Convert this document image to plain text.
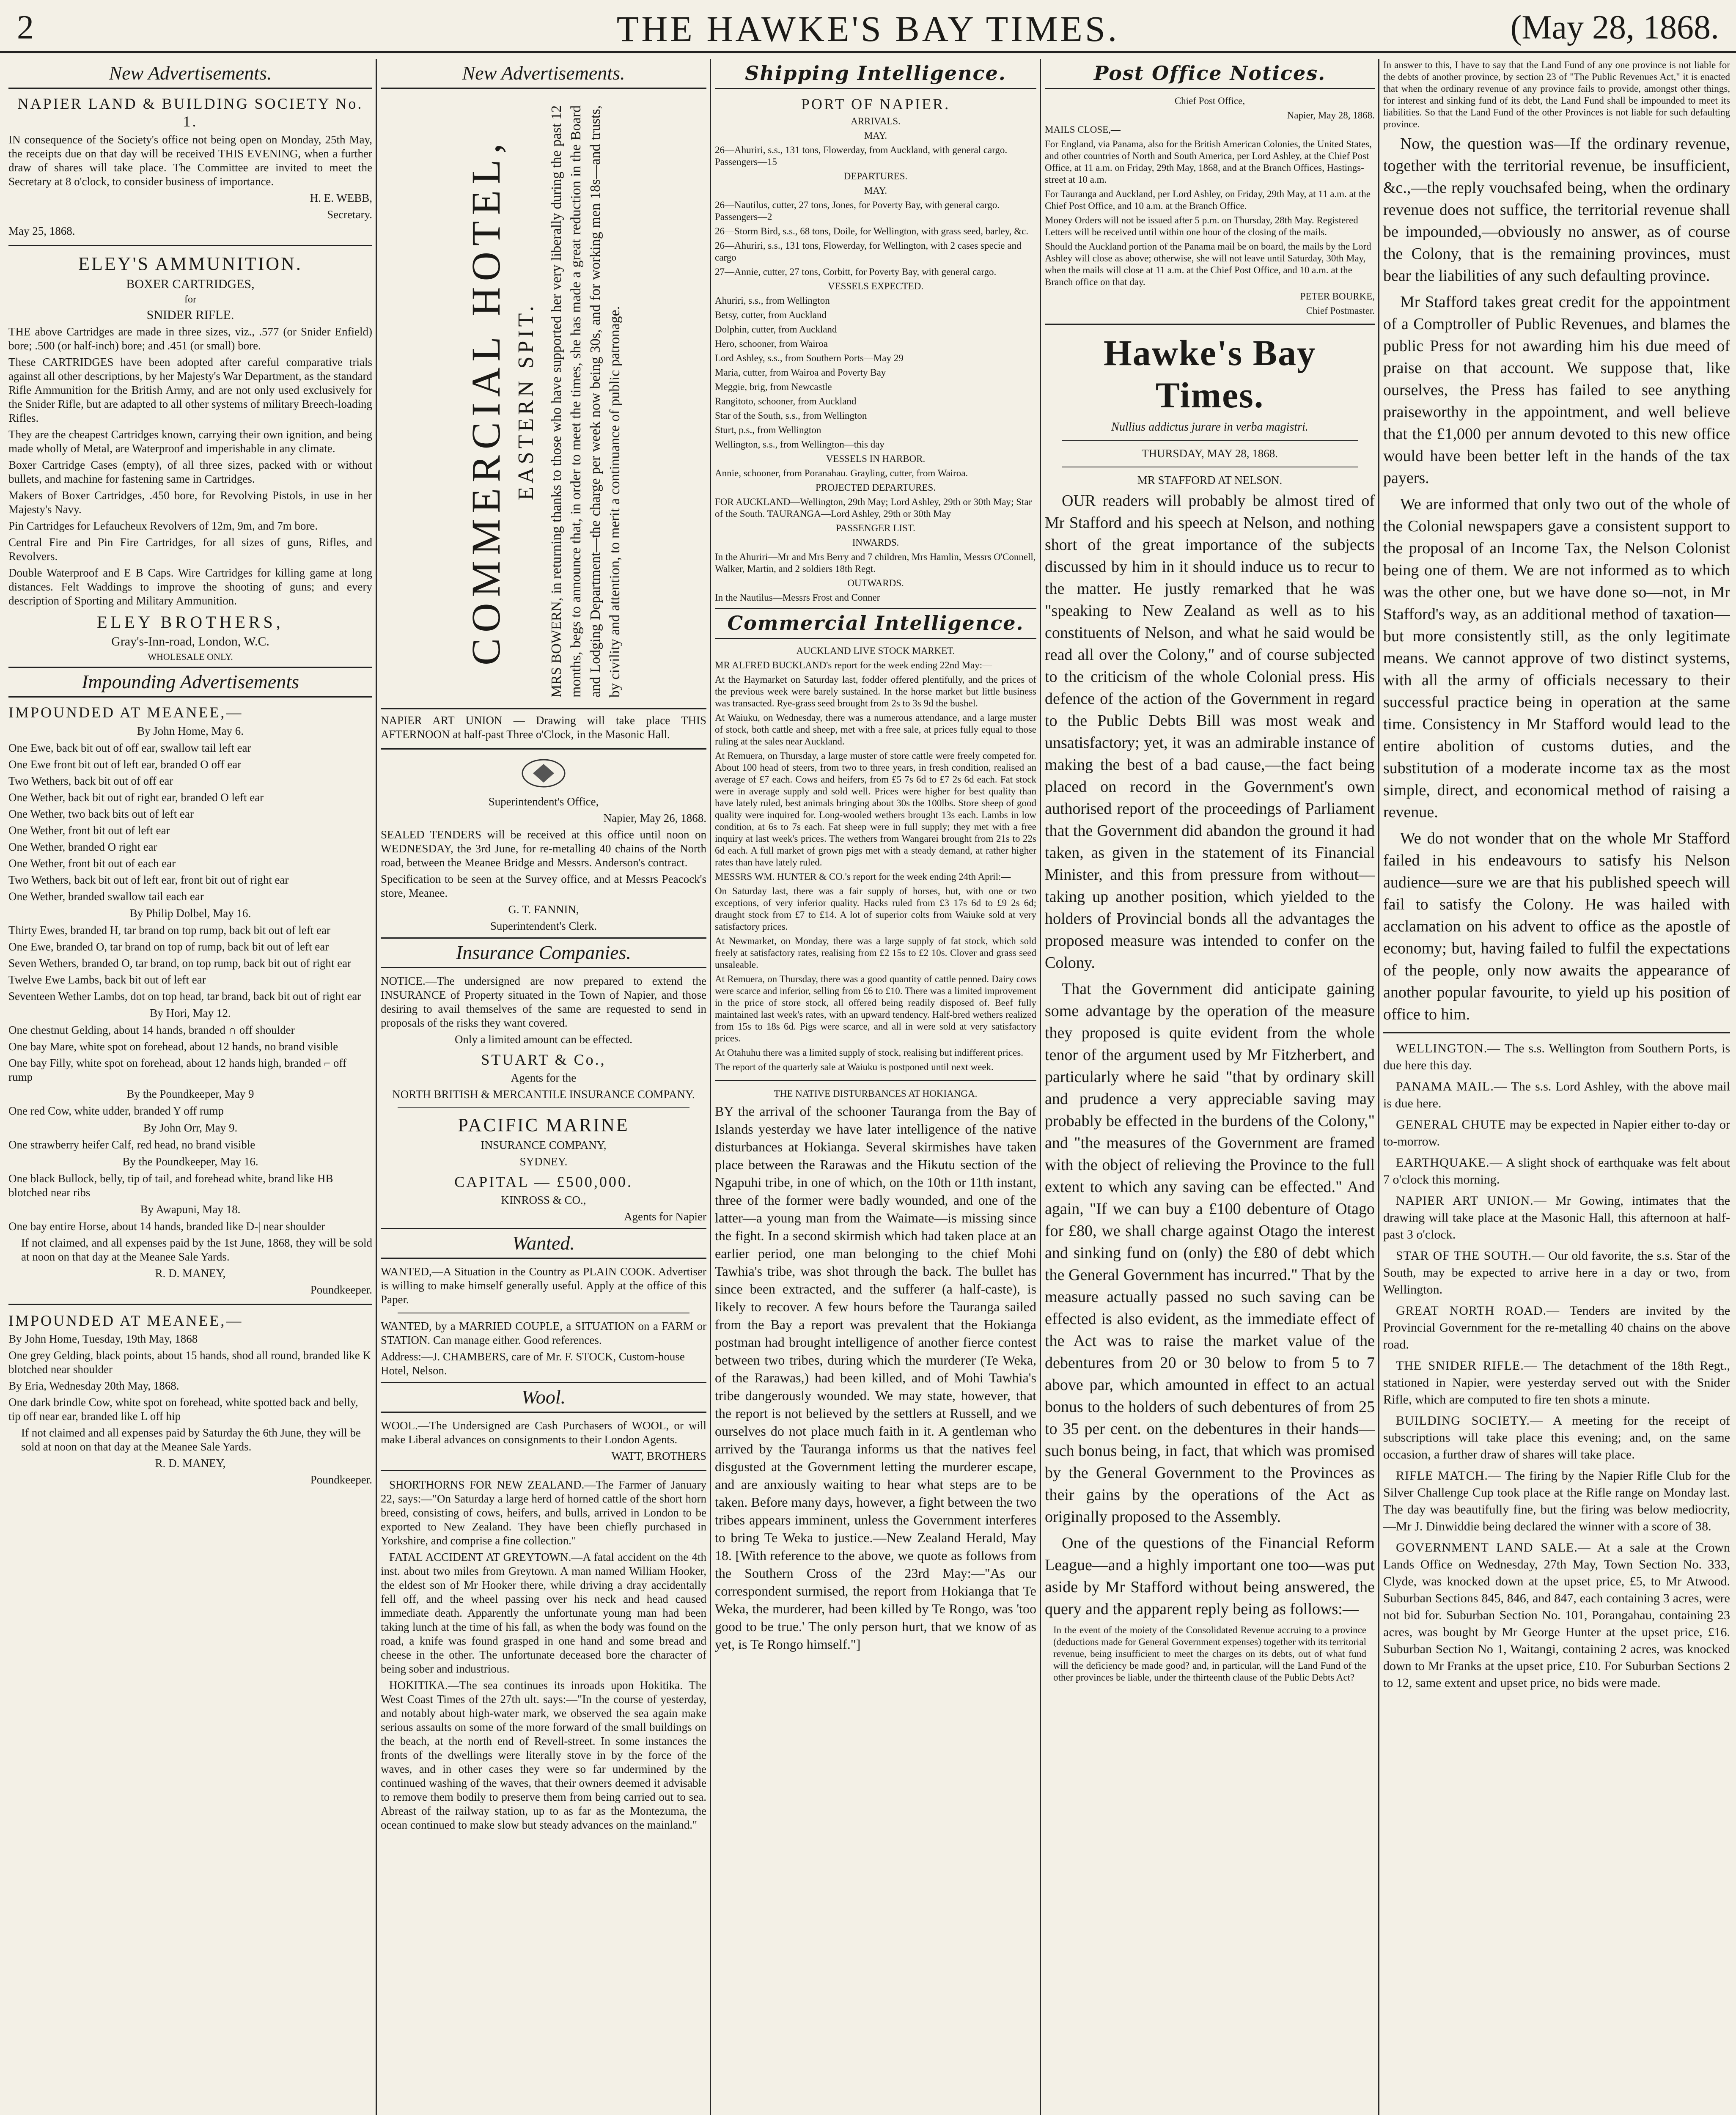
2	THE HAWKE'S BAY TIMES.	(May 28, 1868.
New Advertisements.
NAPIER LAND & BUILDING SOCIETY No. 1.

IN consequence of the Society's office not being open on Monday, 25th May, the receipts due on that day will be received THIS EVENING, when a further draw of shares will take place. The Committee are invited to meet the Secretary at 8 o'clock, to consider business of importance.

H. E. WEBB,

Secretary.

May 25, 1868.

ELEY'S AMMUNITION.
BOXER CARTRIDGES,
for
SNIDER RIFLE.

THE above Cartridges are made in three sizes, viz., .577 (or Snider Enfield) bore; .500 (or half-inch) bore; and .451 (or small) bore.

These CARTRIDGES have been adopted after careful comparative trials against all other descriptions, by her Majesty's War Department, as the standard Rifle Ammunition for the British Army, and are not only used exclusively for the Snider Rifle, but are adapted to all other systems of military Breech-loading Rifles.

They are the cheapest Cartridges known, carrying their own ignition, and being made wholly of Metal, are Waterproof and imperishable in any climate.

Boxer Cartridge Cases (empty), of all three sizes, packed with or without bullets, and machine for fastening same in Cartridges.

Makers of Boxer Cartridges, .450 bore, for Revolving Pistols, in use in her Majesty's Navy.

Pin Cartridges for Lefaucheux Revolvers of 12m, 9m, and 7m bore.

Central Fire and Pin Fire Cartridges, for all sizes of guns, Rifles, and Revolvers.

Double Waterproof and E B Caps. Wire Cartridges for killing game at long distances. Felt Waddings to improve the shooting of guns; and every description of Sporting and Military Ammunition.

ELEY BROTHERS,
Gray's-Inn-road, London, W.C.
WHOLESALE ONLY.
Impounding Advertisements
IMPOUNDED AT MEANEE,—
By John Home, May 6.

One Ewe, back bit out of off ear, swallow tail left ear

One Ewe front bit out of left ear, branded O off ear

Two Wethers, back bit out of off ear

One Wether, back bit out of right ear, branded O left ear

One Wether, two back bits out of left ear

One Wether, front bit out of left ear

One Wether, branded O right ear

One Wether, front bit out of each ear

Two Wethers, back bit out of left ear, front bit out of right ear

One Wether, branded swallow tail each ear

By Philip Dolbel, May 16.

Thirty Ewes, branded H, tar brand on top rump, back bit out of left ear

One Ewe, branded O, tar brand on top of rump, back bit out of left ear

Seven Wethers, branded O, tar brand, on top rump, back bit out of right ear

Twelve Ewe Lambs, back bit out of left ear

Seventeen Wether Lambs, dot on top head, tar brand, back bit out of right ear

By Hori, May 12.

One chestnut Gelding, about 14 hands, branded ∩ off shoulder

One bay Mare, white spot on forehead, about 12 hands, no brand visible

One bay Filly, white spot on forehead, about 12 hands high, branded ⌐ off rump

By the Poundkeeper, May 9

One red Cow, white udder, branded Y off rump

By John Orr, May 9.

One strawberry heifer Calf, red head, no brand visible

By the Poundkeeper, May 16.

One black Bullock, belly, tip of tail, and forehead white, brand like HB blotched near ribs

By Awapuni, May 18.

One bay entire Horse, about 14 hands, branded like D-| near shoulder

If not claimed, and all expenses paid by the 1st June, 1868, they will be sold at noon on that day at the Meanee Sale Yards.

R. D. MANEY,

Poundkeeper.

IMPOUNDED AT MEANEE,—

By John Home, Tuesday, 19th May, 1868

One grey Gelding, black points, about 15 hands, shod all round, branded like K blotched near shoulder

By Eria, Wednesday 20th May, 1868.

One dark brindle Cow, white spot on forehead, white spotted back and belly, tip off near ear, branded like L off hip

If not claimed and all expenses paid by Saturday the 6th June, they will be sold at noon on that day at the Meanee Sale Yards.

R. D. MANEY,

Poundkeeper.

New Advertisements.
COMMERCIAL HOTEL, EASTERN SPIT. MRS BOWERN, in returning thanks to those who have supported her very liberally during the past 12 months, begs to announce that, in order to meet the times, she has made a great reduction in the Board and Lodging Department—the charge per week now being 30s, and for working men 18s—and trusts, by civility and attention, to merit a continuance of public patronage.

NAPIER ART UNION — Drawing will take place THIS AFTERNOON at half-past Three o'Clock, in the Masonic Hall.

Superintendent's Office,

Napier, May 26, 1868.

SEALED TENDERS will be received at this office until noon on WEDNESDAY, the 3rd June, for re-metalling 40 chains of the North road, between the Meanee Bridge and Messrs. Anderson's contract.

Specification to be seen at the Survey office, and at Messrs Peacock's store, Meanee.

G. T. FANNIN,

Superintendent's Clerk.

Insurance Companies.

NOTICE.—The undersigned are now prepared to extend the INSURANCE of Property situated in the Town of Napier, and those desiring to avail themselves of the same are requested to send in proposals of the risks they want covered.

Only a limited amount can be effected.

STUART & Co.,

Agents for the

NORTH BRITISH & MERCANTILE INSURANCE COMPANY.

PACIFIC MARINE

INSURANCE COMPANY,

SYDNEY.

CAPITAL — £500,000.

KINROSS & CO.,

Agents for Napier

Wanted.

WANTED,—A Situation in the Country as PLAIN COOK. Advertiser is willing to make himself generally useful. Apply at the office of this Paper.

WANTED, by a MARRIED COUPLE, a SITUATION on a FARM or STATION. Can manage either. Good references.

Address:—J. CHAMBERS, care of Mr. F. STOCK, Custom-house Hotel, Nelson.

Wool.

WOOL.—The Undersigned are Cash Purchasers of WOOL, or will make Liberal advances on consignments to their London Agents.

WATT, BROTHERS

SHORTHORNS FOR NEW ZEALAND.—The Farmer of January 22, says:—"On Saturday a large herd of horned cattle of the short horn breed, consisting of cows, heifers, and bulls, arrived in London to be exported to New Zealand. They have been chiefly purchased in Yorkshire, and comprise a fine collection."

FATAL ACCIDENT AT GREYTOWN.—A fatal accident on the 4th inst. about two miles from Greytown. A man named William Hooker, the eldest son of Mr Hooker there, while driving a dray accidentally fell off, and the wheel passing over his neck and head caused immediate death. Apparently the unfortunate young man had been taking lunch at the time of his fall, as when the body was found on the road, a knife was found grasped in one hand and some bread and cheese in the other. The unfortunate deceased bore the character of being sober and industrious.

HOKITIKA.—The sea continues its inroads upon Hokitika. The West Coast Times of the 27th ult. says:—"In the course of yesterday, and notably about high-water mark, we observed the sea again make serious assaults on some of the more forward of the small buildings on the beach, at the north end of Revell-street. In some instances the fronts of the dwellings were literally stove in by the force of the waves, and in other cases they were so far undermined by the continued washing of the waves, that their owners deemed it advisable to remove them bodily to preserve them from being carried out to sea. Abreast of the railway station, up to as far as the Montezuma, the ocean continued to make slow but steady advances on the mainland."

Shipping Intelligence.
PORT OF NAPIER.

ARRIVALS.

MAY.

26—Ahuriri, s.s., 131 tons, Flowerday, from Auckland, with general cargo. Passengers—15

DEPARTURES.

MAY.

26—Nautilus, cutter, 27 tons, Jones, for Poverty Bay, with general cargo. Passengers—2

26—Storm Bird, s.s., 68 tons, Doile, for Wellington, with grass seed, barley, &c.

26—Ahuriri, s.s., 131 tons, Flowerday, for Wellington, with 2 cases specie and cargo

27—Annie, cutter, 27 tons, Corbitt, for Poverty Bay, with general cargo.

VESSELS EXPECTED.

Ahuriri, s.s., from Wellington

Betsy, cutter, from Auckland

Dolphin, cutter, from Auckland

Hero, schooner, from Wairoa

Lord Ashley, s.s., from Southern Ports—May 29

Maria, cutter, from Wairoa and Poverty Bay

Meggie, brig, from Newcastle

Rangitoto, schooner, from Auckland

Star of the South, s.s., from Wellington

Sturt, p.s., from Wellington

Wellington, s.s., from Wellington—this day

VESSELS IN HARBOR.

Annie, schooner, from Poranahau. Grayling, cutter, from Wairoa.

PROJECTED DEPARTURES.

FOR AUCKLAND—Wellington, 29th May; Lord Ashley, 29th or 30th May; Star of the South. TAURANGA—Lord Ashley, 29th or 30th May

PASSENGER LIST.

INWARDS.

In the Ahuriri—Mr and Mrs Berry and 7 children, Mrs Hamlin, Messrs O'Connell, Walker, Martin, and 2 soldiers 18th Regt.

OUTWARDS.

In the Nautilus—Messrs Frost and Conner

Commercial Intelligence.

AUCKLAND LIVE STOCK MARKET.

MR ALFRED BUCKLAND's report for the week ending 22nd May:—

At the Haymarket on Saturday last, fodder offered plentifully, and the prices of the previous week were barely sustained. In the horse market but little business was transacted. Rye-grass seed brought from 2s to 3s 9d the bushel.

At Waiuku, on Wednesday, there was a numerous attendance, and a large muster of stock, both cattle and sheep, met with a free sale, at prices fully equal to those ruling at the sales near Auckland.

At Remuera, on Thursday, a large muster of store cattle were freely competed for. About 100 head of steers, from two to three years, in fresh condition, realised an average of £7 each. Cows and heifers, from £5 7s 6d to £7 2s 6d each. Fat stock were in average supply and sold well. Prices were higher for best quality than have lately ruled, best animals bringing about 30s the 100lbs. Store sheep of good quality were inquired for. Long-wooled wethers brought 13s each. Lambs in low condition, at 6s to 7s each. Fat sheep were in full supply; they met with a free inquiry at last week's prices. The wethers from Wangarei brought from 21s to 22s 6d each. A full market of grown pigs met with a steady demand, at rather higher rates than have lately ruled.

MESSRS WM. HUNTER & CO.'s report for the week ending 24th April:—

On Saturday last, there was a fair supply of horses, but, with one or two exceptions, of very inferior quality. Hacks ruled from £3 17s 6d to £9 2s 6d; draught stock from £7 to £14. A lot of superior colts from Waiuke sold at very satisfactory prices.

At Newmarket, on Monday, there was a large supply of fat stock, which sold freely at satisfactory rates, realising from £2 15s to £2 10s. Clover and grass seed unsaleable.

At Remuera, on Thursday, there was a good quantity of cattle penned. Dairy cows were scarce and inferior, selling from £6 to £10. There was a limited improvement in the price of store stock, all offered being readily disposed of. Beef fully maintained last week's rates, with an upward tendency. Half-bred wethers realized from 15s to 18s 6d. Pigs were scarce, and all in were sold at very satisfactory prices.

At Otahuhu there was a limited supply of stock, realising but indifferent prices.

The report of the quarterly sale at Waiuku is postponed until next week.

THE NATIVE DISTURBANCES AT HOKIANGA.

BY the arrival of the schooner Tauranga from the Bay of Islands yesterday we have later intelligence of the native disturbances at Hokianga. Several skirmishes have taken place between the Rarawas and the Hikutu section of the Ngapuhi tribe, in one of which, on the 10th or 11th instant, three of the former were badly wounded, and one of the latter—a young man from the Waimate—is missing since the fight. In a second skirmish which had taken place at an earlier period, one man belonging to the chief Mohi Tawhia's tribe, was shot through the back. The bullet has since been extracted, and the sufferer (a half-caste), is likely to recover. A few hours before the Tauranga sailed from the Bay a report was prevalent that the Hokianga postman had brought intelligence of another fierce contest between two tribes, during which the murderer (Te Weka, of the Rarawas,) had been killed, and of Mohi Tawhia's tribe dangerously wounded. We may state, however, that the report is not believed by the settlers at Russell, and we ourselves do not place much faith in it. A gentleman who arrived by the Tauranga informs us that the natives feel disgusted at the Government letting the murderer escape, and are anxiously waiting to hear what steps are to be taken. Before many days, however, a fight between the two tribes appears imminent, unless the Government interferes to bring Te Weka to justice.—New Zealand Herald, May 18. [With reference to the above, we quote as follows from the Southern Cross of the 23rd May:—"As our correspondent surmised, the report from Hokianga that Te Weka, the murderer, had been killed by Te Rongo, was 'too good to be true.' The only person hurt, that we know of as yet, is Te Rongo himself."]

Post Office Notices.

Chief Post Office,

Napier, May 28, 1868.

MAILS CLOSE,—

For England, via Panama, also for the British American Colonies, the United States, and other countries of North and South America, per Lord Ashley, at the Chief Post Office, at 11 a.m. on Friday, 29th May, 1868, and at the Branch Offices, Hastings-street at 10 a.m.

For Tauranga and Auckland, per Lord Ashley, on Friday, 29th May, at 11 a.m. at the Chief Post Office, and 10 a.m. at the Branch Office.

Money Orders will not be issued after 5 p.m. on Thursday, 28th May. Registered Letters will be received until within one hour of the closing of the mails.

Should the Auckland portion of the Panama mail be on board, the mails by the Lord Ashley will close as above; otherwise, she will not leave until Saturday, 30th May, when the mails will close at 11 a.m. at the Chief Post Office, and 10 a.m. at the Branch office on that day.

PETER BOURKE,

Chief Postmaster.

Hawke's Bay Times.
Nullius addictus jurare in verba magistri.

THURSDAY, MAY 28, 1868.

MR STAFFORD AT NELSON.

OUR readers will probably be almost tired of Mr Stafford and his speech at Nelson, and nothing short of the great importance of the subjects discussed by him in it should induce us to recur to the matter. He justly remarked that he was "speaking to New Zealand as well as to his constituents of Nelson, and what he said would be read all over the Colony," and of course subjected to the criticism of the whole Colonial press. His defence of the action of the Government in regard to the Public Debts Bill was most weak and unsatisfactory; yet, it was an admirable instance of making the best of a bad cause,—the fact being placed on record in the Government's own authorised report of the proceedings of Parliament that the Government did abandon the ground it had taken, as given in the statement of its Financial Minister, and this from pressure from without—taking up another position, which yielded to the holders of Provincial bonds all the advantages the proposed measure was intended to confer on the Colony.

That the Government did anticipate gaining some advantage by the operation of the measure they proposed is quite evident from the whole tenor of the argument used by Mr Fitzherbert, and particularly where he said "that by ordinary skill and prudence a very appreciable saving may probably be effected in the burdens of the Colony," and "the measures of the Government are framed with the object of relieving the Province to the full extent to which any saving can be effected." And again, "If we can buy a £100 debenture of Otago for £80, we shall charge against Otago the interest and sinking fund on (only) the £80 of debt which the General Government has incurred." That by the measure actually passed no such saving can be effected is also evident, as the immediate effect of the Act was to raise the market value of the debentures from 20 or 30 below to from 5 to 7 above par, which amounted in effect to an actual bonus to the holders of such debentures of from 25 to 35 per cent. on the debentures in their hands—such bonus being, in fact, that which was promised by the General Government to the Provinces as their gains by the operations of the Act as originally proposed to the Assembly.

One of the questions of the Financial Reform League—and a highly important one too—was put aside by Mr Stafford without being answered, the query and the apparent reply being as follows:—

In the event of the moiety of the Consolidated Revenue accruing to a province (deductions made for General Government expenses) together with its territorial revenue, being insufficient to meet the charges on its debts, out of what fund will the deficiency be made good? and, in particular, will the Land Fund of the other provinces be liable, under the thirteenth clause of the Public Debts Act?

In answer to this, I have to say that the Land Fund of any one province is not liable for the debts of another province, by section 23 of "The Public Revenues Act," it is enacted that when the ordinary revenue of any province fails to provide, amongst other things, for interest and sinking fund of its debt, the Land Fund shall be impounded to meet its liabilities. So that the Land Fund of the other Provinces is not liable for such defaulting province.

Now, the question was—If the ordinary revenue, together with the territorial revenue, be insufficient, &c.,—the reply vouchsafed being, when the ordinary revenue does not suffice, the territorial revenue shall be impounded,—obviously no answer, as of course the Colony, that is the remaining provinces, must bear the liabilities of any such defaulting province.

Mr Stafford takes great credit for the appointment of a Comptroller of Public Revenues, and blames the public Press for not awarding him his due meed of praise on that account. We suppose that, like ourselves, the Press has failed to see anything praiseworthy in the appointment, and well believe that the £1,000 per annum devoted to this new office would have been better left in the hands of the tax payers.

We are informed that only two out of the whole of the Colonial newspapers gave a consistent support to the proposal of an Income Tax, the Nelson Colonist being one of them. We are not informed as to which was the other one, but we have done so—not, in Mr Stafford's way, as an additional method of taxation—but more consistently still, as the only legitimate means. We cannot approve of two distinct systems, with all the army of officials necessary to their successful practice being in operation at the same time. Consistency in Mr Stafford would lead to the entire abolition of customs duties, and the substitution of a moderate income tax as the most simple, direct, and economical method of raising a revenue.

We do not wonder that on the whole Mr Stafford failed in his endeavours to satisfy his Nelson audience—sure we are that his published speech will fail to satisfy the Colony. He was hailed with acclamation on his advent to office as the apostle of economy; but, having failed to fulfil the expectations of the people, only now awaits the appearance of another popular favourite, to yield up his position of office to him.

WELLINGTON.— The s.s. Wellington from Southern Ports, is due here this day.

PANAMA MAIL.— The s.s. Lord Ashley, with the above mail is due here.

GENERAL CHUTE may be expected in Napier either to-day or to-morrow.

EARTHQUAKE.— A slight shock of earthquake was felt about 7 o'clock this morning.

NAPIER ART UNION.— Mr Gowing, intimates that the drawing will take place at the Masonic Hall, this afternoon at half-past 3 o'clock.

STAR OF THE SOUTH.— Our old favorite, the s.s. Star of the South, may be expected to arrive here in a day or two, from Wellington.

GREAT NORTH ROAD.— Tenders are invited by the Provincial Government for the re-metalling 40 chains on the above road.

THE SNIDER RIFLE.— The detachment of the 18th Regt., stationed in Napier, were yesterday served out with the Snider Rifle, which are computed to fire ten shots a minute.

BUILDING SOCIETY.— A meeting for the receipt of subscriptions will take place this evening; and, on the same occasion, a further draw of shares will take place.

RIFLE MATCH.— The firing by the Napier Rifle Club for the Silver Challenge Cup took place at the Rifle range on Monday last. The day was beautifully fine, but the firing was below mediocrity,—Mr J. Dinwiddie being declared the winner with a score of 38.

GOVERNMENT LAND SALE.— At a sale at the Crown Lands Office on Wednesday, 27th May, Town Section No. 333, Clyde, was knocked down at the upset price, £5, to Mr Atwood. Suburban Sections 845, 846, and 847, each containing 3 acres, were not bid for. Suburban Section No. 101, Porangahau, containing 23 acres, was bought by Mr George Hunter at the upset price, £16. Suburban Section No 1, Waitangi, containing 2 acres, was knocked down to Mr Franks at the upset price, £10. For Suburban Sections 2 to 12, same extent and upset price, no bids were made.
